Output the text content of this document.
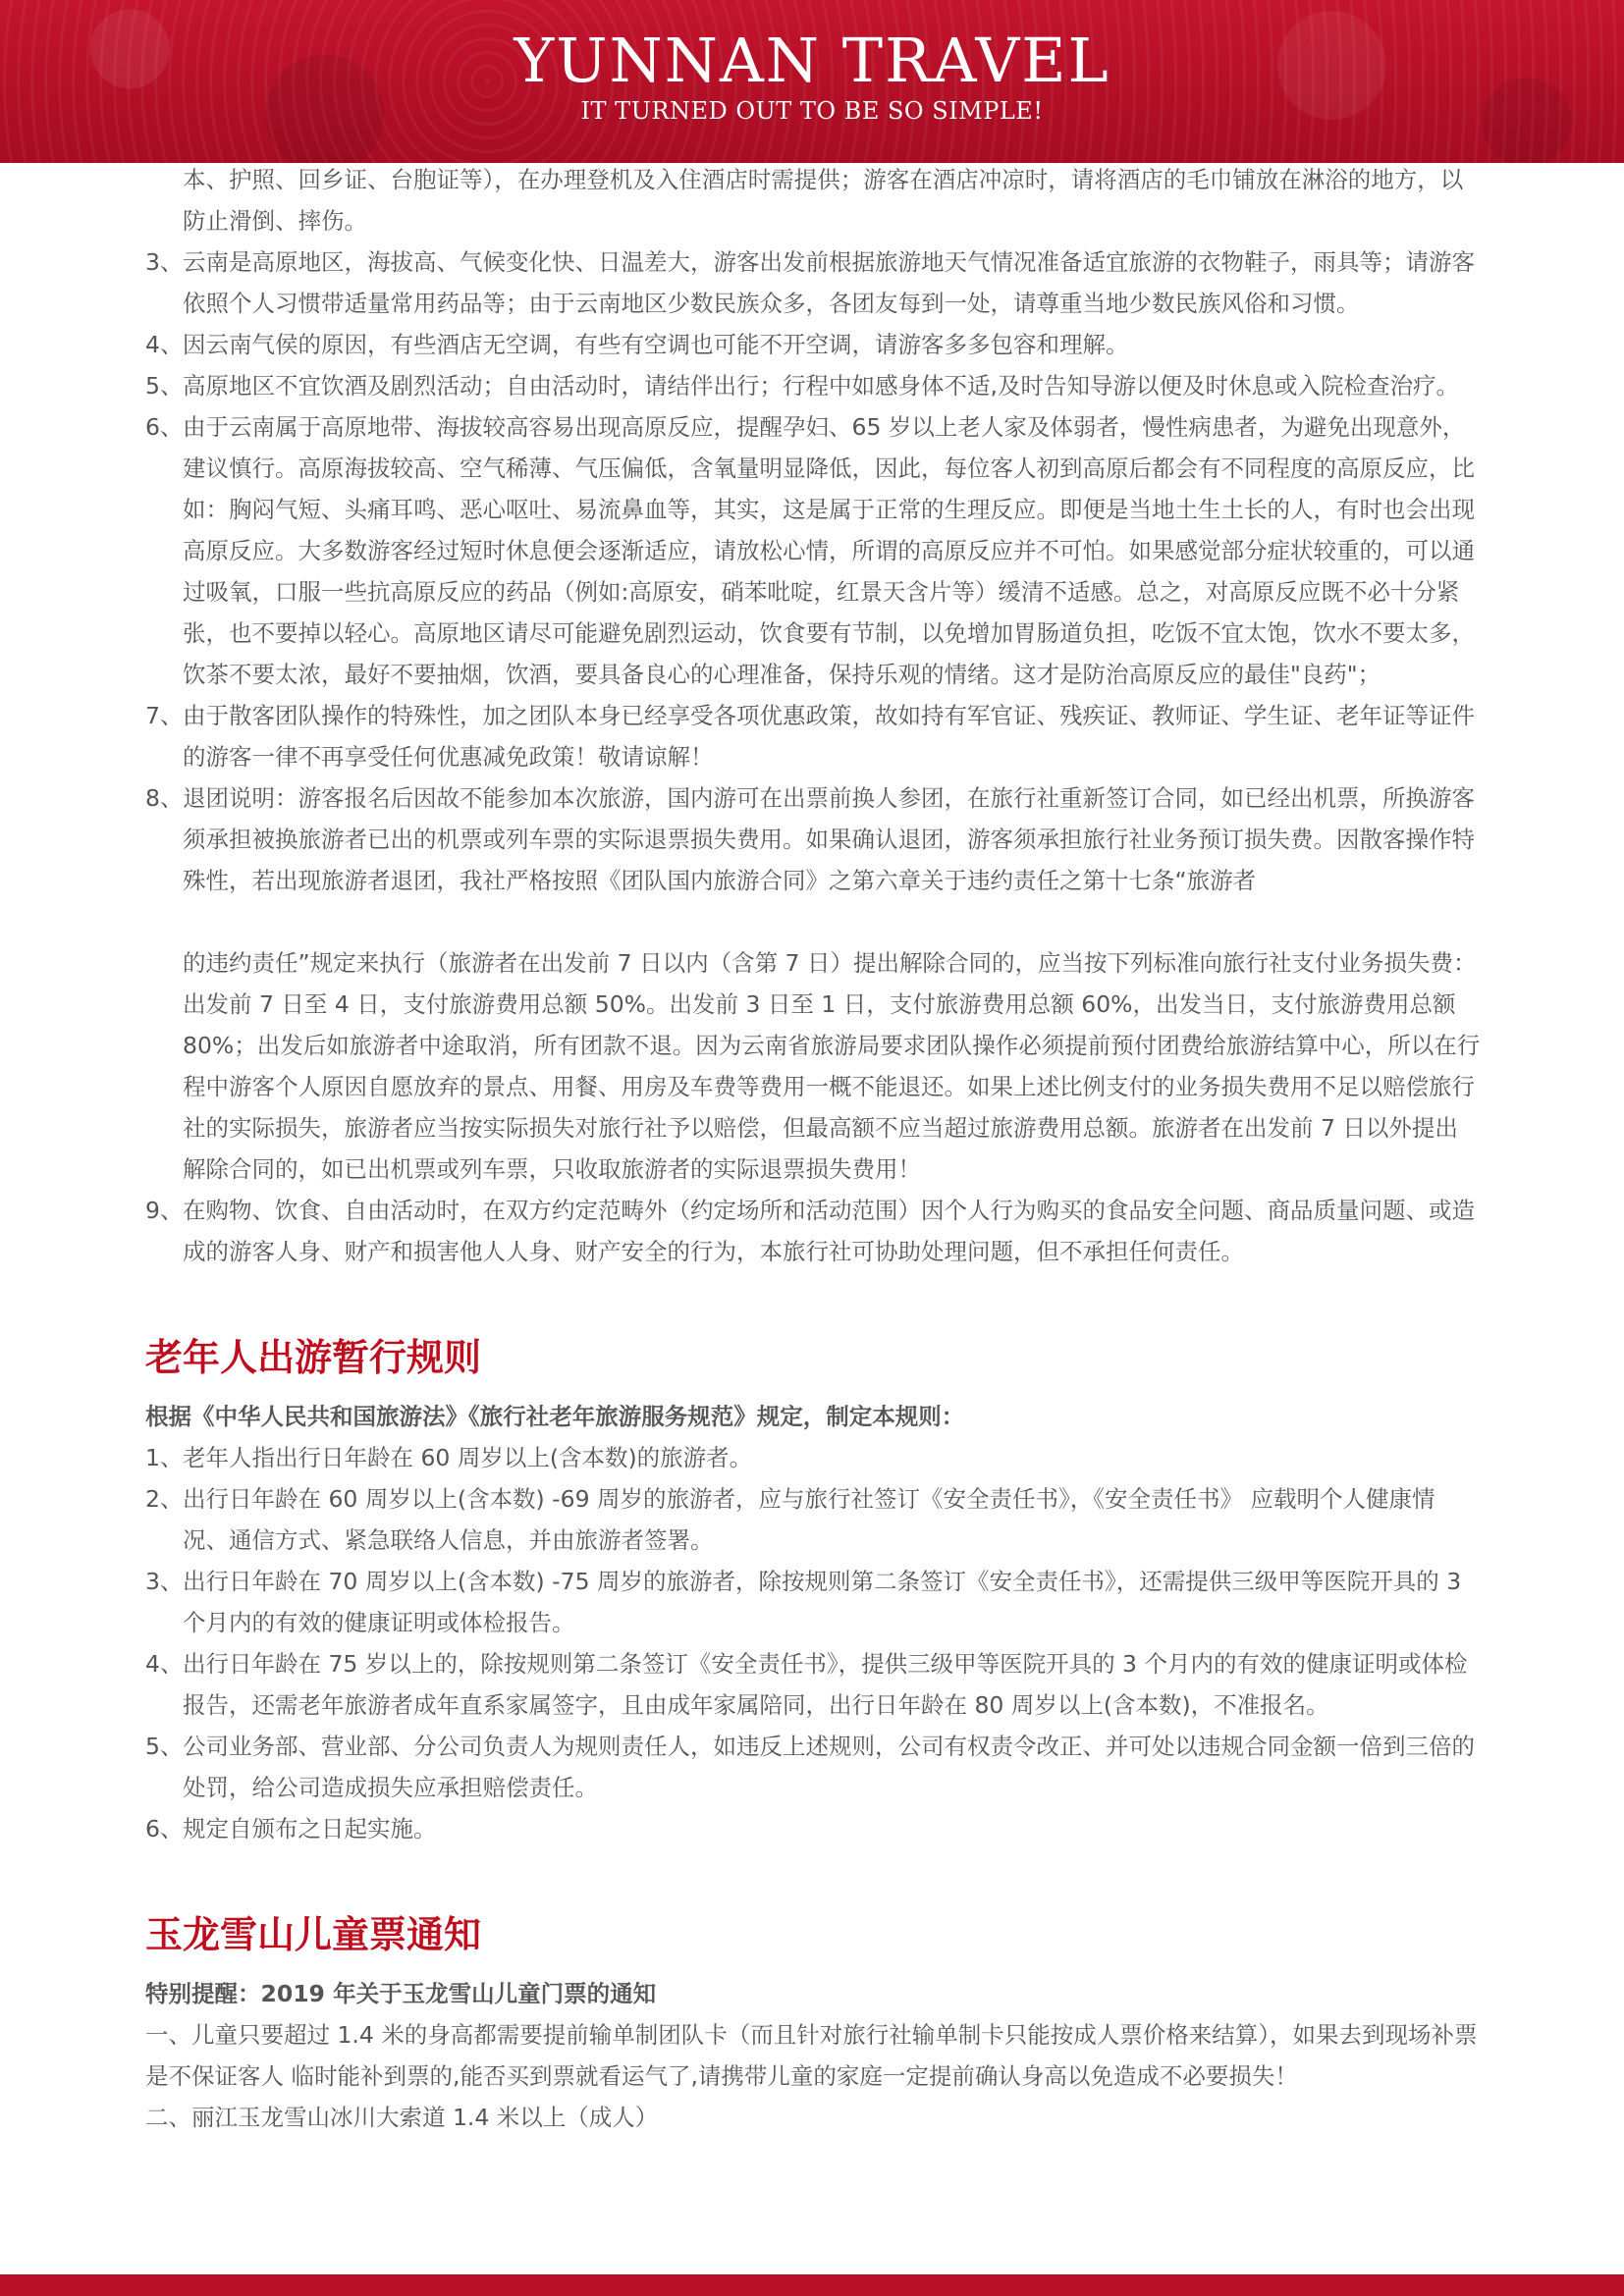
YUNNAN TRAVEL
IT TURNED OUT TO BE SO SIMPLE!

本、护照、回乡证、台胞证等），在办理登机及入住酒店时需提供；游客在酒店冲凉时，请将酒店的毛巾铺放在淋浴的地方，以防止滑倒、摔伤。

3、 云南是高原地区，海拔高、气候变化快、日温差大，游客出发前根据旅游地天气情况准备适宜旅游的衣物鞋子，雨具等；请游客依照个人习惯带适量常用药品等；由于云南地区少数民族众多，各团友每到一处，请尊重当地少数民族风俗和习惯。

4、 因云南气侯的原因，有些酒店无空调，有些有空调也可能不开空调，请游客多多包容和理解。

5、 高原地区不宜饮酒及剧烈活动；自由活动时，请结伴出行；行程中如感身体不适,及时告知导游以便及时休息或入院检查治疗。

6、 由于云南属于高原地带、海拔较高容易出现高原反应，提醒孕妇、65 岁以上老人家及体弱者，慢性病患者，为避免出现意外，建议慎行。高原海拔较高、空气稀薄、气压偏低，含氧量明显降低，因此，每位客人初到高原后都会有不同程度的高原反应，比如：胸闷气短、头痛耳鸣、恶心呕吐、易流鼻血等，其实，这是属于正常的生理反应。即便是当地土生土长的人，有时也会出现高原反应。大多数游客经过短时休息便会逐渐适应，请放松心情，所谓的高原反应并不可怕。如果感觉部分症状较重的，可以通过吸氧，口服一些抗高原反应的药品（例如:高原安，硝苯吡啶，红景天含片等）缓清不适感。总之，对高原反应既不必十分紧张，也不要掉以轻心。高原地区请尽可能避免剧烈运动，饮食要有节制，以免增加胃肠道负担，吃饭不宜太饱，饮水不要太多，饮茶不要太浓，最好不要抽烟，饮酒，要具备良心的心理准备，保持乐观的情绪。这才是防治高原反应的最佳"良药"；

7、 由于散客团队操作的特殊性，加之团队本身已经享受各项优惠政策，故如持有军官证、残疾证、教师证、学生证、老年证等证件的游客一律不再享受任何优惠减免政策！敬请谅解！

8、 退团说明：游客报名后因故不能参加本次旅游，国内游可在出票前换人参团，在旅行社重新签订合同，如已经出机票，所换游客须承担被换旅游者已出的机票或列车票的实际退票损失费用。如果确认退团，游客须承担旅行社业务预订损失费。因散客操作特殊性，若出现旅游者退团，我社严格按照《团队国内旅游合同》之第六章关于违约责任之第十七条“旅游者

的违约责任”规定来执行（旅游者在出发前 7 日以内（含第 7 日）提出解除合同的，应当按下列标准向旅行社支付业务损失费：出发前 7 日至 4 日，支付旅游费用总额 50%。出发前 3 日至 1 日，支付旅游费用总额 60%，出发当日，支付旅游费用总额 80%；出发后如旅游者中途取消，所有团款不退。因为云南省旅游局要求团队操作必须提前预付团费给旅游结算中心，所以在行程中游客个人原因自愿放弃的景点、用餐、用房及车费等费用一概不能退还。如果上述比例支付的业务损失费用不足以赔偿旅行社的实际损失，旅游者应当按实际损失对旅行社予以赔偿，但最高额不应当超过旅游费用总额。旅游者在出发前 7 日以外提出解除合同的，如已出机票或列车票，只收取旅游者的实际退票损失费用！

9、 在购物、饮食、自由活动时，在双方约定范畴外（约定场所和活动范围）因个人行为购买的食品安全问题、商品质量问题、或造成的游客人身、财产和损害他人人身、财产安全的行为，本旅行社可协助处理问题，但不承担任何责任。

老年人出游暂行规则

根据《中华人民共和国旅游法》《旅行社老年旅游服务规范》规定，制定本规则：

1、 老年人指出行日年龄在 60 周岁以上(含本数)的旅游者。

2、 出行日年龄在 60 周岁以上(含本数) -69 周岁的旅游者，应与旅行社签订《安全责任书》，《安全责任书》 应载明个人健康情况、通信方式、紧急联络人信息，并由旅游者签署。

3、 出行日年龄在 70 周岁以上(含本数) -75 周岁的旅游者，除按规则第二条签订《安全责任书》，还需提供三级甲等医院开具的 3 个月内的有效的健康证明或体检报告。

4、 出行日年龄在 75 岁以上的，除按规则第二条签订《安全责任书》，提供三级甲等医院开具的 3 个月内的有效的健康证明或体检报告，还需老年旅游者成年直系家属签字，且由成年家属陪同，出行日年龄在 80 周岁以上(含本数)，不准报名。

5、 公司业务部、营业部、分公司负责人为规则责任人，如违反上述规则，公司有权责令改正、并可处以违规合同金额一倍到三倍的处罚，给公司造成损失应承担赔偿责任。

6、 规定自颁布之日起实施。

玉龙雪山儿童票通知

特别提醒：2019 年关于玉龙雪山儿童门票的通知

一、儿童只要超过 1.4 米的身高都需要提前输单制团队卡（而且针对旅行社输单制卡只能按成人票价格来结算），如果去到现场补票是不保证客人 临时能补到票的,能否买到票就看运气了,请携带儿童的家庭一定提前确认身高以免造成不必要损失！

二、丽江玉龙雪山冰川大索道 1.4 米以上（成人）
